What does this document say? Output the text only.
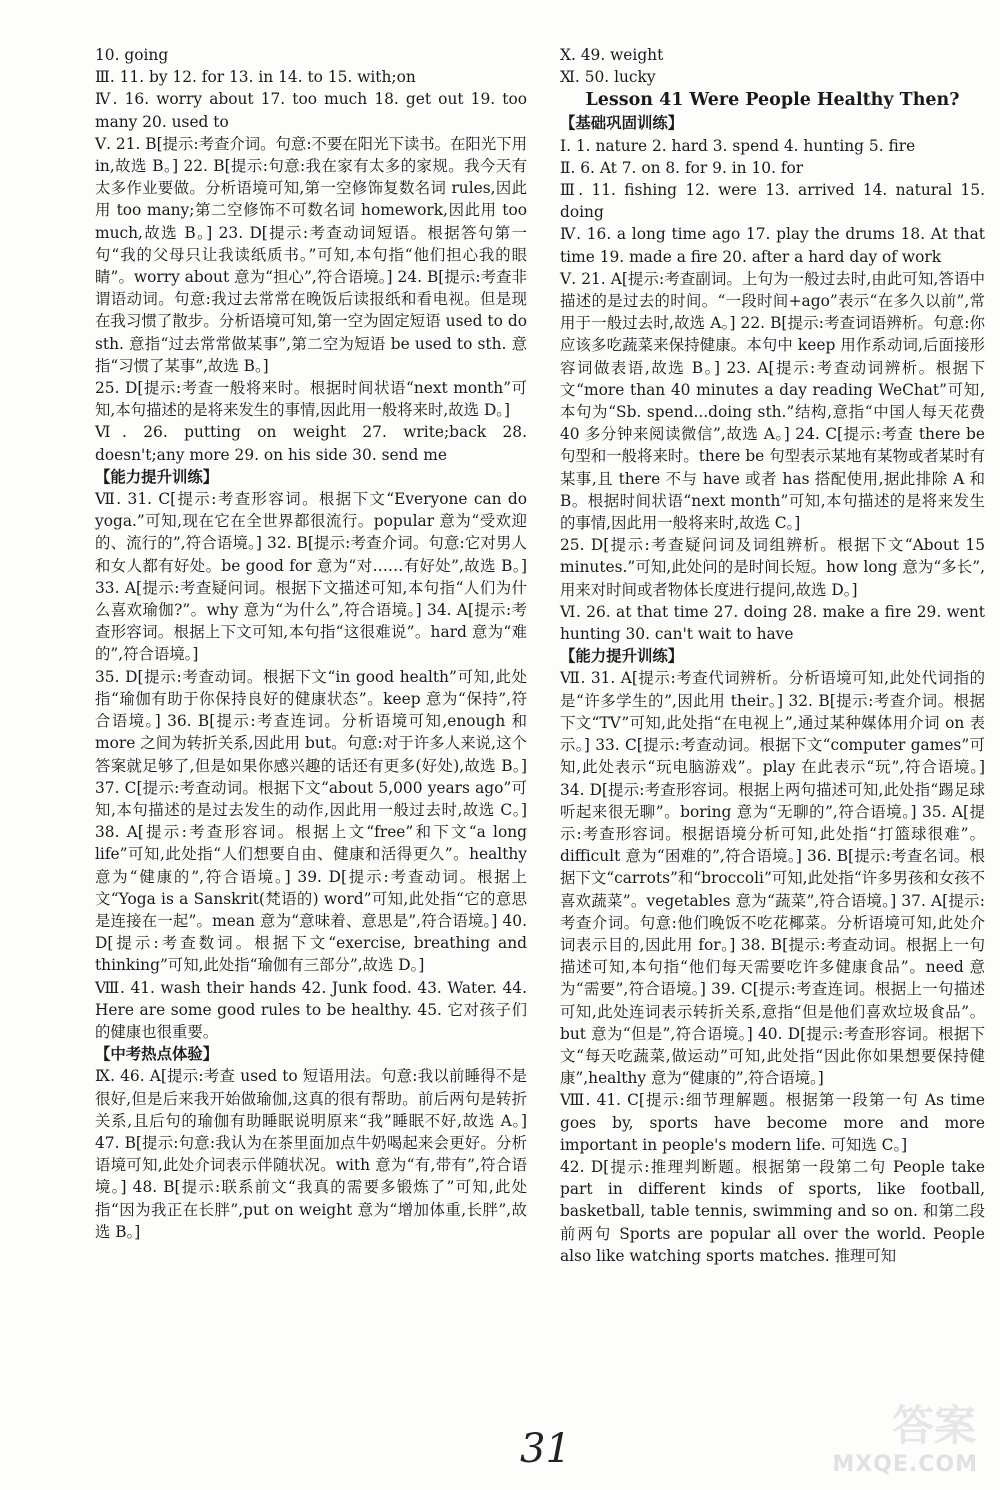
10. going

Ⅲ. 11. by 12. for 13. in 14. to 15. with;on

Ⅳ. 16. worry about 17. too much 18. get out 19. too many 20. used to

Ⅴ. 21. B[提示:考查介词。句意:不要在阳光下读书。在阳光下用 in,故选 B。] 22. B[提示:句意:我在家有太多的家规。我今天有太多作业要做。分析语境可知,第一空修饰复数名词 rules,因此用 too many;第二空修饰不可数名词 homework,因此用 too much,故选 B。] 23. D[提示:考查动词短语。根据答句第一句“我的父母只让我读纸质书。”可知,本句指“他们担心我的眼睛”。worry about 意为“担心”,符合语境。] 24. B[提示:考查非谓语动词。句意:我过去常常在晚饭后读报纸和看电视。但是现在我习惯了散步。分析语境可知,第一空为固定短语 used to do sth. 意指“过去常常做某事”,第二空为短语 be used to sth. 意指“习惯了某事”,故选 B。]

25. D[提示:考查一般将来时。根据时间状语“next month”可知,本句描述的是将来发生的事情,因此用一般将来时,故选 D。]

Ⅵ. 26. putting on weight 27. write;back 28. doesn't;any more 29. on his side 30. send me

【能力提升训练】

Ⅶ. 31. C[提示:考查形容词。根据下文“Everyone can do yoga.”可知,现在它在全世界都很流行。popular 意为“受欢迎的、流行的”,符合语境。] 32. B[提示:考查介词。句意:它对男人和女人都有好处。be good for 意为“对……有好处”,故选 B。] 33. A[提示:考查疑问词。根据下文描述可知,本句指“人们为什么喜欢瑜伽?”。why 意为“为什么”,符合语境。] 34. A[提示:考查形容词。根据上下文可知,本句指“这很难说”。hard 意为“难的”,符合语境。]

35. D[提示:考查动词。根据下文“in good health”可知,此处指“瑜伽有助于你保持良好的健康状态”。keep 意为“保持”,符合语境。] 36. B[提示:考查连词。分析语境可知,enough 和 more 之间为转折关系,因此用 but。句意:对于许多人来说,这个答案就足够了,但是如果你感兴趣的话还有更多(好处),故选 B。] 37. C[提示:考查动词。根据下文“about 5,000 years ago”可知,本句描述的是过去发生的动作,因此用一般过去时,故选 C。] 38. A[提示:考查形容词。根据上文“free”和下文“a long life”可知,此处指“人们想要自由、健康和活得更久”。healthy 意为“健康的”,符合语境。] 39. D[提示:考查动词。根据上文“Yoga is a Sanskrit(梵语的) word”可知,此处指“它的意思是连接在一起”。mean 意为“意味着、意思是”,符合语境。] 40. D[提示:考查数词。根据下文“exercise, breathing and thinking”可知,此处指“瑜伽有三部分”,故选 D。]

Ⅷ. 41. wash their hands 42. Junk food. 43. Water. 44. Here are some good rules to be healthy. 45. 它对孩子们的健康也很重要。

【中考热点体验】

Ⅸ. 46. A[提示:考查 used to 短语用法。句意:我以前睡得不是很好,但是后来我开始做瑜伽,这真的很有帮助。前后两句是转折关系,且后句的瑜伽有助睡眠说明原来“我”睡眠不好,故选 A。] 47. B[提示:句意:我认为在茶里面加点牛奶喝起来会更好。分析语境可知,此处介词表示伴随状况。with 意为“有,带有”,符合语境。] 48. B[提示:联系前文“我真的需要多锻炼了”可知,此处指“因为我正在长胖”,put on weight 意为“增加体重,长胖”,故选 B。]

Ⅹ. 49. weight

Ⅺ. 50. lucky

Lesson 41 Were People Healthy Then?

【基础巩固训练】

Ⅰ. 1. nature 2. hard 3. spend 4. hunting 5. fire

Ⅱ. 6. At 7. on 8. for 9. in 10. for

Ⅲ. 11. fishing 12. were 13. arrived 14. natural 15. doing

Ⅳ. 16. a long time ago 17. play the drums 18. At that time 19. made a fire 20. after a hard day of work

Ⅴ. 21. A[提示:考查副词。上句为一般过去时,由此可知,答语中描述的是过去的时间。“一段时间+ago”表示“在多久以前”,常用于一般过去时,故选 A。] 22. B[提示:考查词语辨析。句意:你应该多吃蔬菜来保持健康。本句中 keep 用作系动词,后面接形容词做表语,故选 B。] 23. A[提示:考查动词辨析。根据下文“more than 40 minutes a day reading WeChat”可知,本句为“Sb. spend...doing sth.”结构,意指“中国人每天花费 40 多分钟来阅读微信”,故选 A。] 24. C[提示:考查 there be 句型和一般将来时。there be 句型表示某地有某物或者某时有某事,且 there 不与 have 或者 has 搭配使用,据此排除 A 和 B。根据时间状语“next month”可知,本句描述的是将来发生的事情,因此用一般将来时,故选 C。]

25. D[提示:考查疑问词及词组辨析。根据下文“About 15 minutes.”可知,此处问的是时间长短。how long 意为“多长”,用来对时间或者物体长度进行提问,故选 D。]

Ⅵ. 26. at that time 27. doing 28. make a fire 29. went hunting 30. can't wait to have

【能力提升训练】

Ⅶ. 31. A[提示:考查代词辨析。分析语境可知,此处代词指的是“许多学生的”,因此用 their。] 32. B[提示:考查介词。根据下文“TV”可知,此处指“在电视上”,通过某种媒体用介词 on 表示。] 33. C[提示:考查动词。根据下文“computer games”可知,此处表示“玩电脑游戏”。play 在此表示“玩”,符合语境。] 34. D[提示:考查形容词。根据上两句描述可知,此处指“踢足球听起来很无聊”。boring 意为“无聊的”,符合语境。] 35. A[提示:考查形容词。根据语境分析可知,此处指“打篮球很难”。difficult 意为“困难的”,符合语境。] 36. B[提示:考查名词。根据下文“carrots”和“broccoli”可知,此处指“许多男孩和女孩不喜欢蔬菜”。vegetables 意为“蔬菜”,符合语境。] 37. A[提示:考查介词。句意:他们晚饭不吃花椰菜。分析语境可知,此处介词表示目的,因此用 for。] 38. B[提示:考查动词。根据上一句描述可知,本句指“他们每天需要吃许多健康食品”。need 意为“需要”,符合语境。] 39. C[提示:考查连词。根据上一句描述可知,此处连词表示转折关系,意指“但是他们喜欢垃圾食品”。but 意为“但是”,符合语境。] 40. D[提示:考查形容词。根据下文“每天吃蔬菜,做运动”可知,此处指“因此你如果想要保持健康”,healthy 意为“健康的”,符合语境。]

Ⅷ. 41. C[提示:细节理解题。根据第一段第一句 As time goes by, sports have become more and more important in people's modern life. 可知选 C。]

42. D[提示:推理判断题。根据第一段第二句 People take part in different kinds of sports, like football, basketball, table tennis, swimming and so on. 和第二段前两句 Sports are popular all over the world. People also like watching sports matches. 推理可知

31	答案
MXQE.COM
